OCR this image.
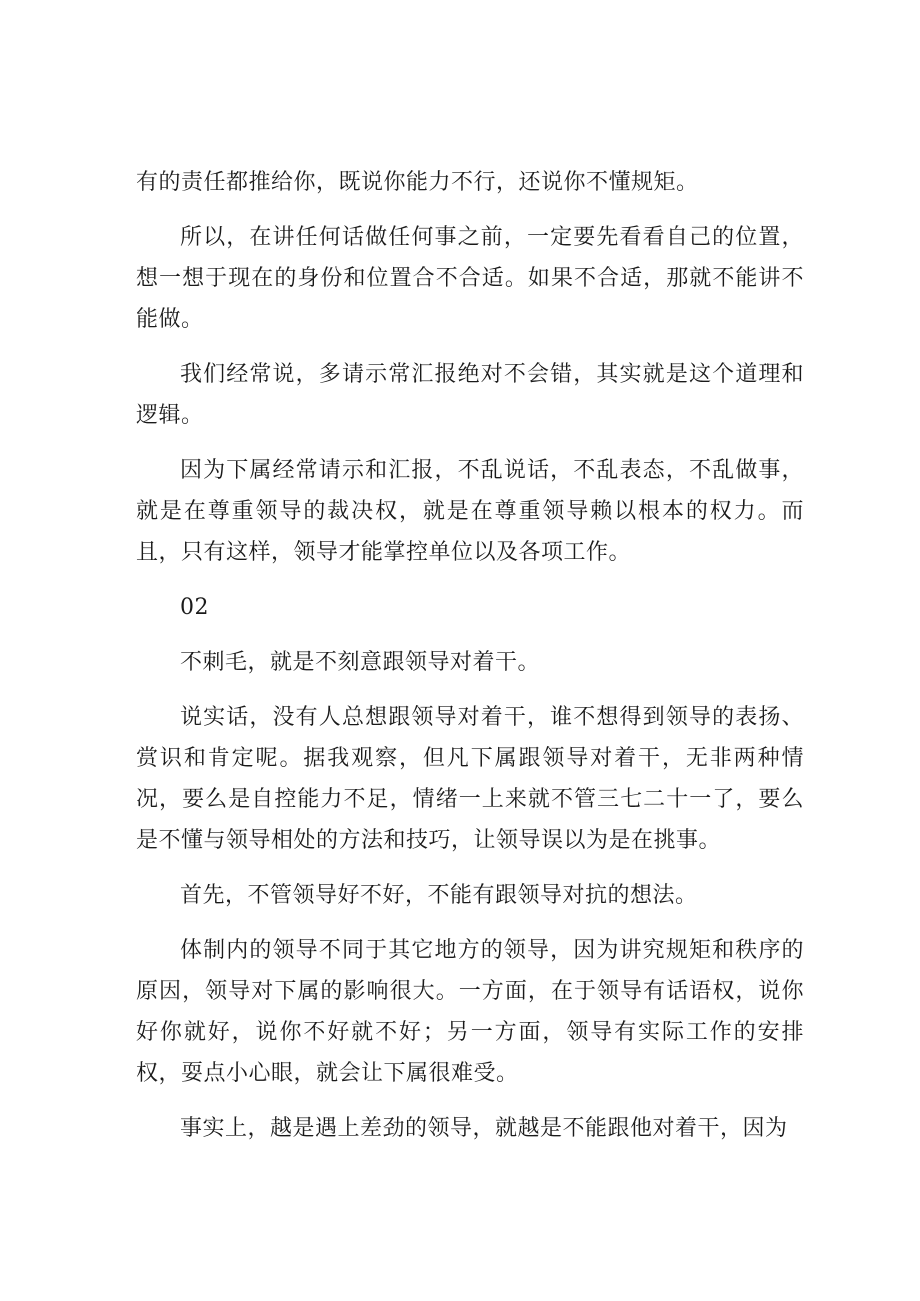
有的责任都推给你，既说你能力不行，还说你不懂规矩。

所以，在讲任何话做任何事之前，一定要先看看自己的位置，想一想于现在的身份和位置合不合适。如果不合适，那就不能讲不能做。

我们经常说，多请示常汇报绝对不会错，其实就是这个道理和逻辑。

因为下属经常请示和汇报，不乱说话，不乱表态，不乱做事，就是在尊重领导的裁决权，就是在尊重领导赖以根本的权力。而且，只有这样，领导才能掌控单位以及各项工作。

02

不刺毛，就是不刻意跟领导对着干。

说实话，没有人总想跟领导对着干，谁不想得到领导的表扬、赏识和肯定呢。据我观察，但凡下属跟领导对着干，无非两种情况，要么是自控能力不足，情绪一上来就不管三七二十一了，要么是不懂与领导相处的方法和技巧，让领导误以为是在挑事。

首先，不管领导好不好，不能有跟领导对抗的想法。

体制内的领导不同于其它地方的领导，因为讲究规矩和秩序的原因，领导对下属的影响很大。一方面，在于领导有话语权，说你好你就好，说你不好就不好；另一方面，领导有实际工作的安排权，耍点小心眼，就会让下属很难受。

事实上，越是遇上差劲的领导，就越是不能跟他对着干，因为
